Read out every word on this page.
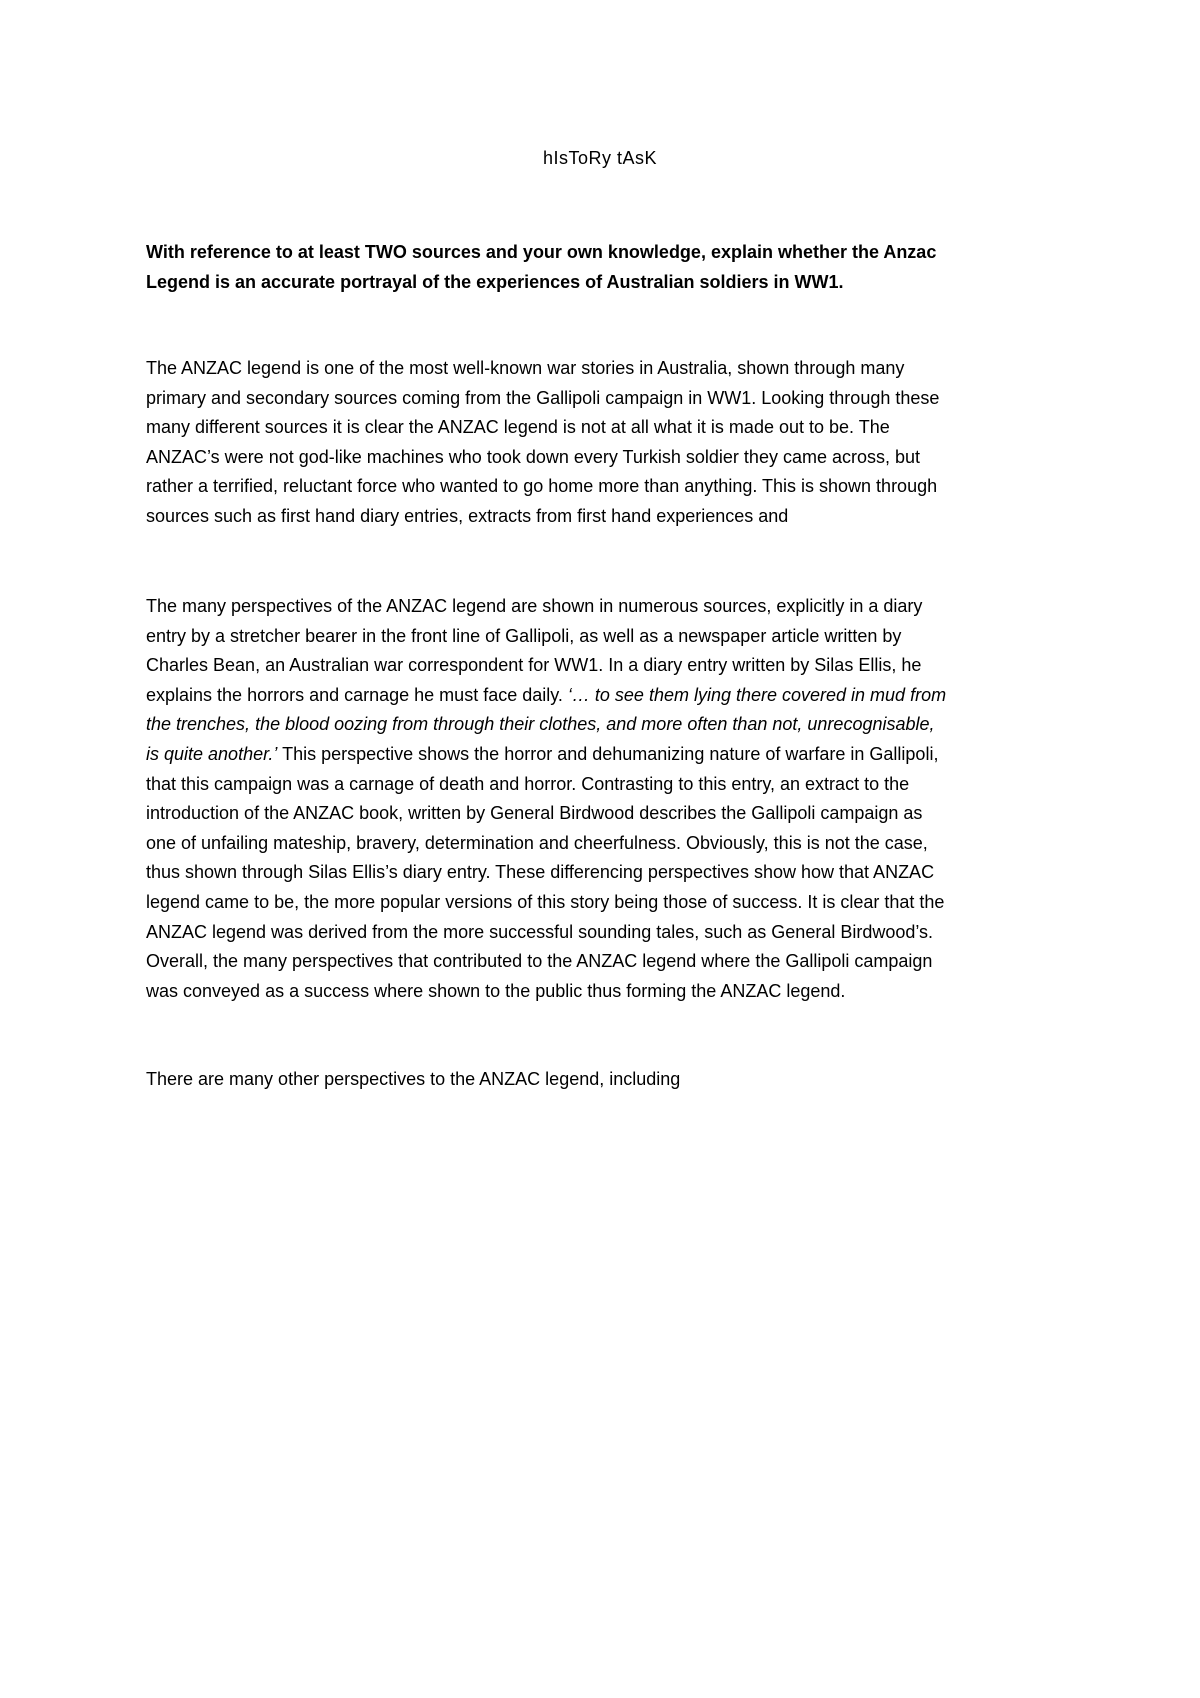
hIsToRy tAsK
With reference to at least TWO sources and your own knowledge, explain whether the Anzac
Legend is an accurate portrayal of the experiences of Australian soldiers in WW1.
The ANZAC legend is one of the most well-known war stories in Australia, shown through many
primary and secondary sources coming from the Gallipoli campaign in WW1. Looking through these
many different sources it is clear the ANZAC legend is not at all what it is made out to be. The
ANZAC’s were not god-like machines who took down every Turkish soldier they came across, but
rather a terrified, reluctant force who wanted to go home more than anything. This is shown through
sources such as first hand diary entries, extracts from first hand experiences and
The many perspectives of the ANZAC legend are shown in numerous sources, explicitly in a diary
entry by a stretcher bearer in the front line of Gallipoli, as well as a newspaper article written by
Charles Bean, an Australian war correspondent for WW1. In a diary entry written by Silas Ellis, he
explains the horrors and carnage he must face daily. ‘… to see them lying there covered in mud from
the trenches, the blood oozing from through their clothes, and more often than not, unrecognisable,
is quite another.’ This perspective shows the horror and dehumanizing nature of warfare in Gallipoli,
that this campaign was a carnage of death and horror. Contrasting to this entry, an extract to the
introduction of the ANZAC book, written by General Birdwood describes the Gallipoli campaign as
one of unfailing mateship, bravery, determination and cheerfulness. Obviously, this is not the case,
thus shown through Silas Ellis’s diary entry. These differencing perspectives show how that ANZAC
legend came to be, the more popular versions of this story being those of success. It is clear that the
ANZAC legend was derived from the more successful sounding tales, such as General Birdwood’s.
Overall, the many perspectives that contributed to the ANZAC legend where the Gallipoli campaign
was conveyed as a success where shown to the public thus forming the ANZAC legend.
There are many other perspectives to the ANZAC legend, including
